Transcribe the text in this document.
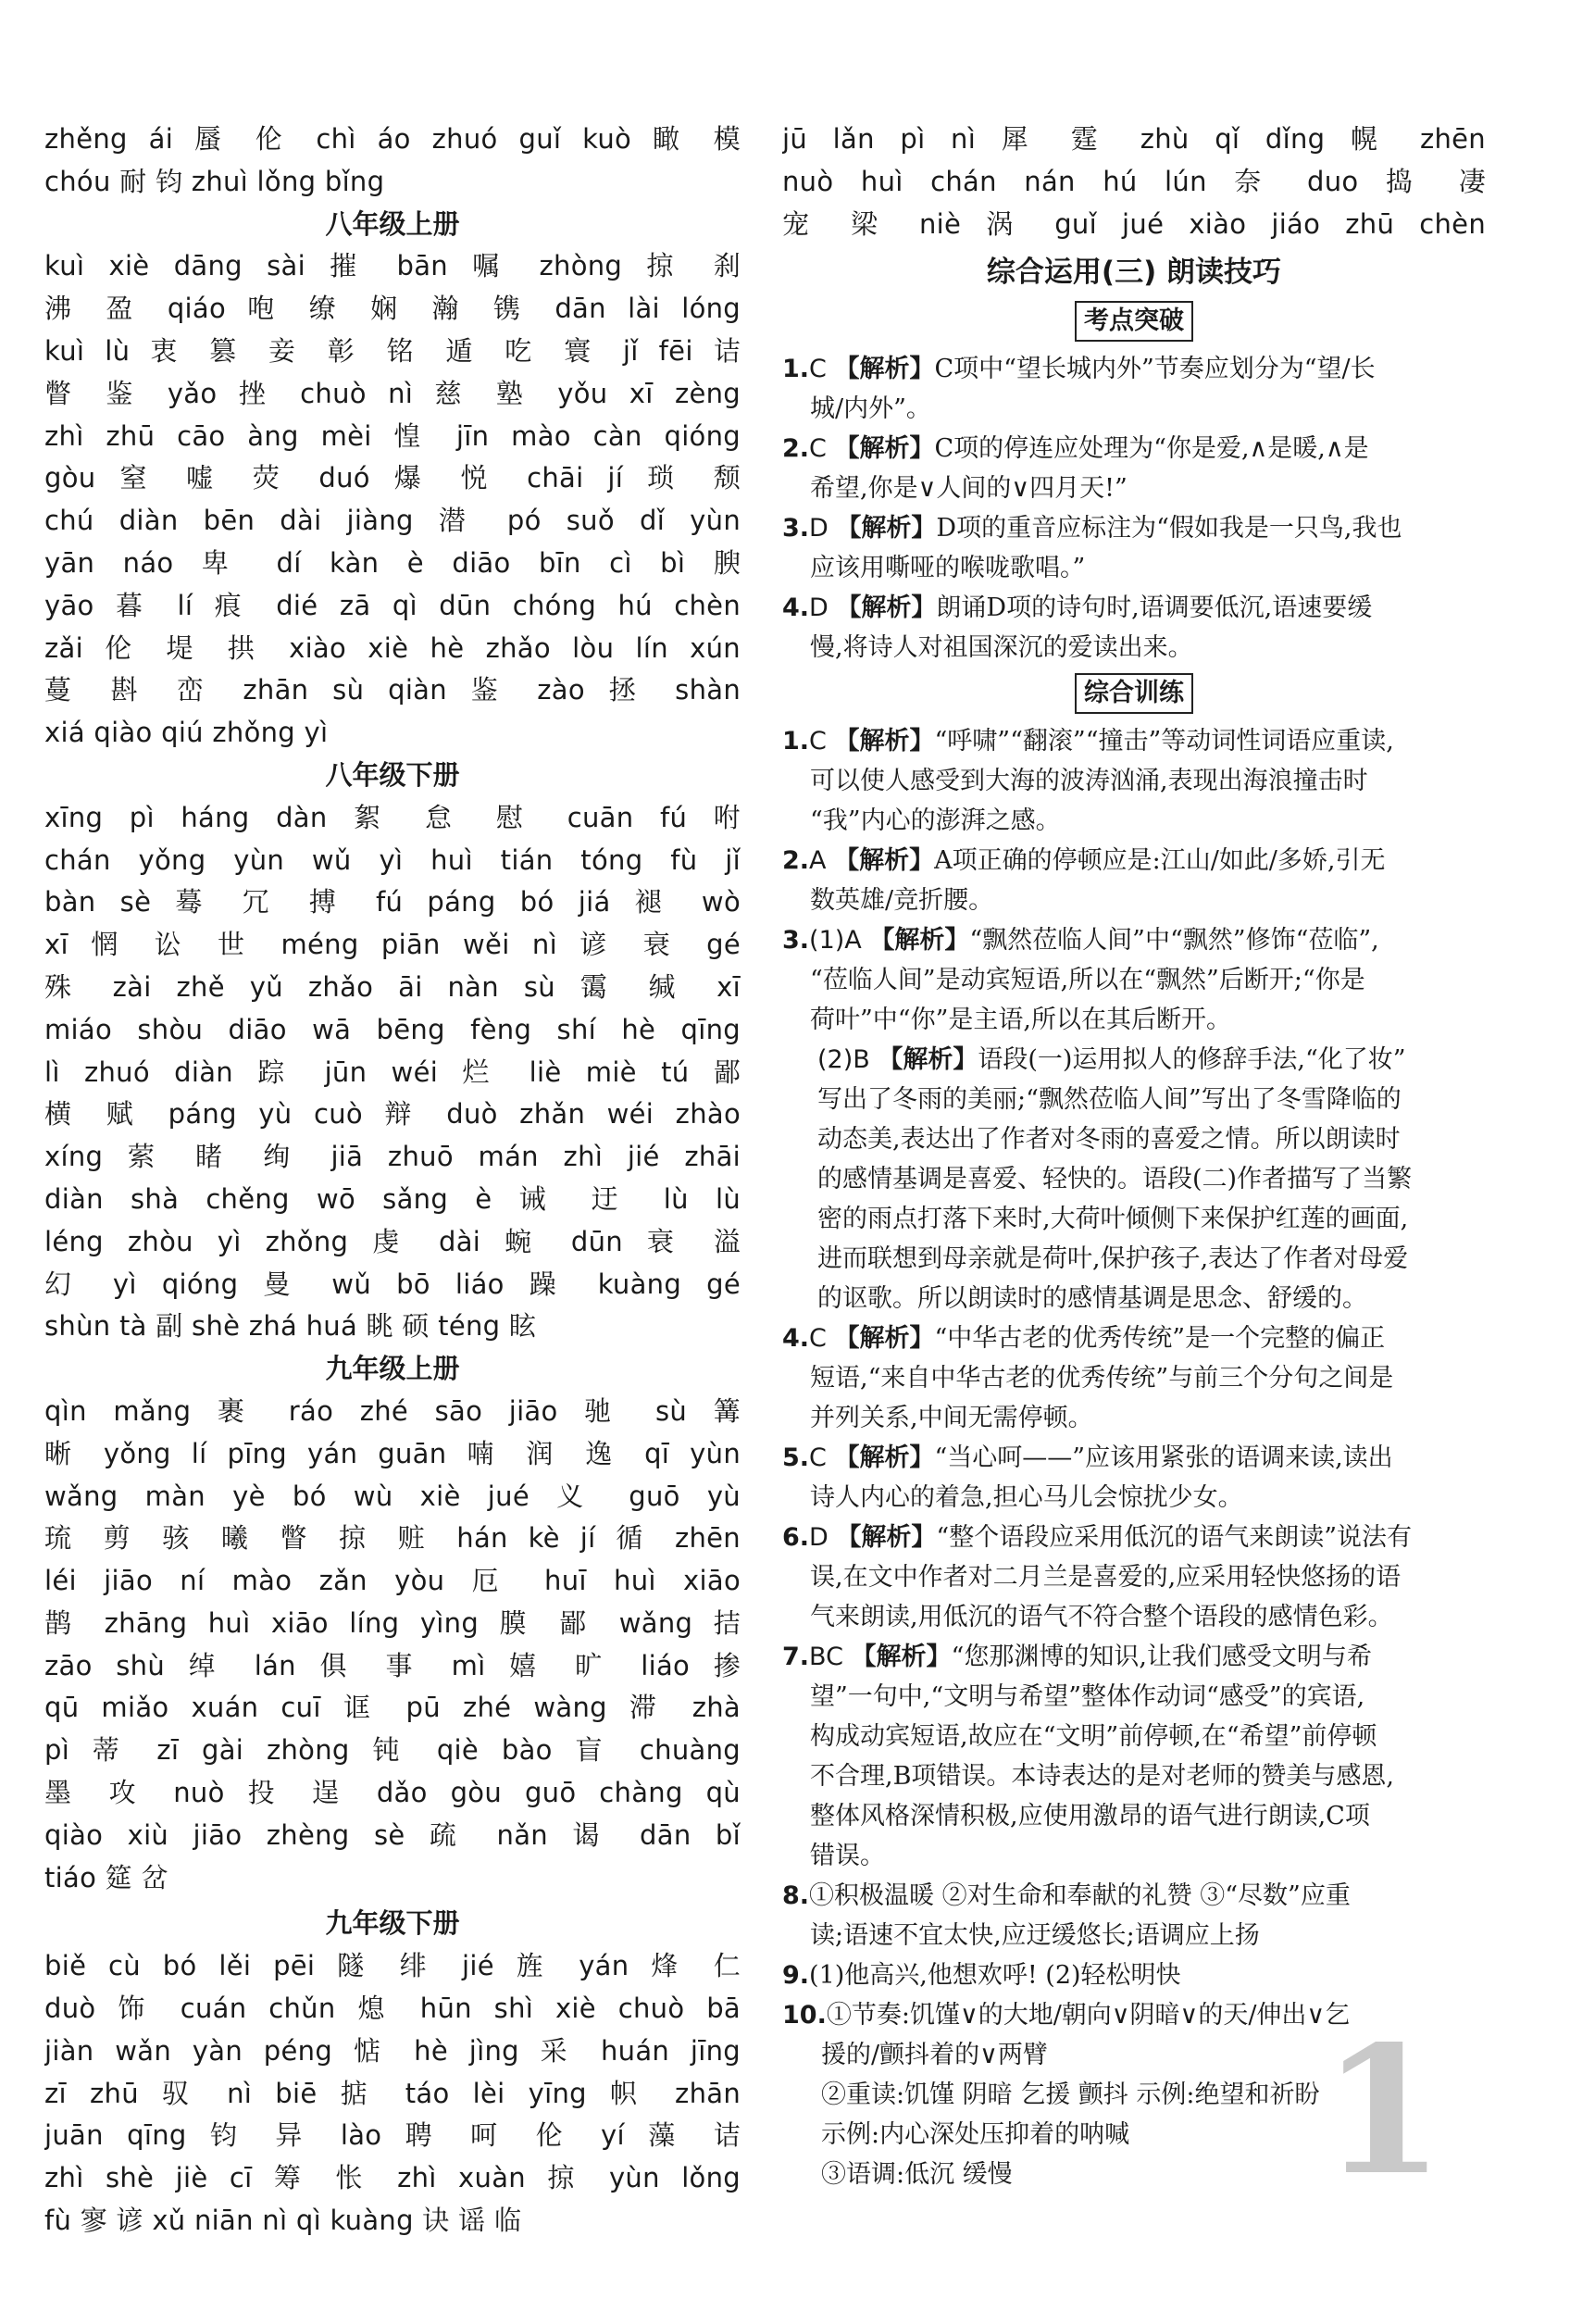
zhěng ái 蜃 伦 chì áo zhuó guǐ kuò 瞰 模
chóu 耐 钧 zhuì lǒng bǐng
八年级上册
kuì xiè dāng sài 摧 bān 嘱 zhòng 掠 刹
沸 盈 qiáo 咆 缭 娴 瀚 镌 dān lài lóng
kuì lù 衷 篡 妾 彰 铭 遁 吃 寰 jǐ fēi 诘
瞥 鉴 yǎo 挫 chuò nì 慈 塾 yǒu xī zèng
zhì zhū cāo àng mèi 惶 jīn mào càn qióng
gòu 窒 嘘 荧 duó 爆 悦 chāi jí 琐 颓
chú diàn bēn dài jiàng 潜 pó suǒ dǐ yùn
yān náo 卑 dí kàn è diāo bīn cì bì 腴
yāo 暮 lí 痕 dié zā qì dūn chóng hú chèn
zǎi 伦 堤 拱 xiào xiè hè zhǎo lòu lín xún
蔓 斟 峦 zhān sù qiàn 鉴 zào 拯 shàn
xiá qiào qiú zhǒng yì
八年级下册
xīng pì háng dàn 絮 怠 慰 cuān fú 咐
chán yǒng yùn wǔ yì huì tián tóng fù jǐ
bàn sè 蓦 冗 搏 fú páng bó jiá 褪 wò
xī 惘 讼 世 méng piān wěi nì 谚 衰 gé
殊 zài zhě yǔ zhǎo āi nàn sù 霭 缄 xī
miáo shòu diāo wā bēng fèng shí hè qīng
lì zhuó diàn 踪 jūn wéi 烂 liè miè tú 鄙
横 赋 páng yù cuò 辩 duò zhǎn wéi zhào
xíng 萦 睹 绚 jiā zhuō mán zhì jié zhāi
diàn shà chěng wō sǎng è 诫 迂 lù lù
léng zhòu yì zhǒng 虔 dài 蜿 dūn 衰 溢
幻 yì qióng 曼 wǔ bō liáo 躁 kuàng gé
shùn tà 副 shè zhá huá 眺 硕 téng 眩
九年级上册
qìn mǎng 裹 ráo zhé sāo jiāo 驰 sù 篝
晰 yǒng lí pīng yán guān 喃 润 逸 qī yùn
wǎng màn yè bó wù xiè jué 义 guō yù
琉 剪 骇 曦 瞥 掠 赃 hán kè jí 循 zhēn
léi jiāo ní mào zǎn yòu 厄 huī huì xiāo
鹊 zhāng huì xiāo líng yìng 膜 鄙 wǎng 拮
zāo shù 绰 lán 俱 事 mì 嬉 旷 liáo 掺
qū miǎo xuán cuī 诓 pū zhé wàng 滞 zhà
pì 蒂 zī gài zhòng 钝 qiè bào 盲 chuàng
墨 攻 nuò 投 逞 dǎo gòu guō chàng qù
qiào xiù jiāo zhèng sè 疏 nǎn 谒 dān bǐ
tiáo 筵 岔
九年级下册
biě cù bó lěi pēi 隧 绯 jié 旌 yán 烽 仁
duò 饰 cuán chǔn 熄 hūn shì xiè chuò bā
jiàn wǎn yàn péng 惦 hè jìng 采 huán jīng
zī zhū 驭 nì biē 掂 táo lèi yīng 帜 zhān
juān qīng 钧 异 lào 聘 呵 伦 yí 藻 诘
zhì shè jiè cī 筹 怅 zhì xuàn 掠 yùn lǒng
fù 寥 谚 xǔ niān nì qì kuàng 诀 谣 临
jū lǎn pì nì 犀 霆 zhù qǐ dǐng 幌 zhēn
nuò huì chán nán hú lún 奈 duo 捣 凄
宠 梁 niè 涡 guǐ jué xiào jiáo zhū chèn
综合运用(三) 朗读技巧
考点突破
1.C 【解析】C项中“望长城内外”节奏应划分为“望/长
城/内外”。
2.C 【解析】C项的停连应处理为“你是爱,∧是暖,∧是
希望,你是∨人间的∨四月天!”
3.D 【解析】D项的重音应标注为“假如我是一只鸟,我也
应该用嘶哑的喉咙歌唱。”
4.D 【解析】朗诵D项的诗句时,语调要低沉,语速要缓
慢,将诗人对祖国深沉的爱读出来。
综合训练
1.C 【解析】“呼啸”“翻滚”“撞击”等动词性词语应重读,
可以使人感受到大海的波涛汹涌,表现出海浪撞击时
“我”内心的澎湃之感。
2.A 【解析】A项正确的停顿应是:江山/如此/多娇,引无
数英雄/竞折腰。
3.(1)A 【解析】“飘然莅临人间”中“飘然”修饰“莅临”,
“莅临人间”是动宾短语,所以在“飘然”后断开;“你是
荷叶”中“你”是主语,所以在其后断开。
(2)B 【解析】语段(一)运用拟人的修辞手法,“化了妆”
写出了冬雨的美丽;“飘然莅临人间”写出了冬雪降临的
动态美,表达出了作者对冬雨的喜爱之情。所以朗读时
的感情基调是喜爱、轻快的。语段(二)作者描写了当繁
密的雨点打落下来时,大荷叶倾侧下来保护红莲的画面,
进而联想到母亲就是荷叶,保护孩子,表达了作者对母爱
的讴歌。所以朗读时的感情基调是思念、舒缓的。
4.C 【解析】“中华古老的优秀传统”是一个完整的偏正
短语,“来自中华古老的优秀传统”与前三个分句之间是
并列关系,中间无需停顿。
5.C 【解析】“当心呵——”应该用紧张的语调来读,读出
诗人内心的着急,担心马儿会惊扰少女。
6.D 【解析】“整个语段应采用低沉的语气来朗读”说法有
误,在文中作者对二月兰是喜爱的,应采用轻快悠扬的语
气来朗读,用低沉的语气不符合整个语段的感情色彩。
7.BC 【解析】“您那渊博的知识,让我们感受文明与希
望”一句中,“文明与希望”整体作动词“感受”的宾语,
构成动宾短语,故应在“文明”前停顿,在“希望”前停顿
不合理,B项错误。本诗表达的是对老师的赞美与感恩,
整体风格深情积极,应使用激昂的语气进行朗读,C项
错误。
8.①积极温暖 ②对生命和奉献的礼赞 ③“尽数”应重
读;语速不宜太快,应迂缓悠长;语调应上扬
9.(1)他高兴,他想欢呼! (2)轻松明快
10.①节奏:饥馑∨的大地/朝向∨阴暗∨的天/伸出∨乞
援的/颤抖着的∨两臂
②重读:饥馑 阴暗 乞援 颤抖 示例:绝望和祈盼
示例:内心深处压抑着的呐喊
③语调:低沉 缓慢	1
